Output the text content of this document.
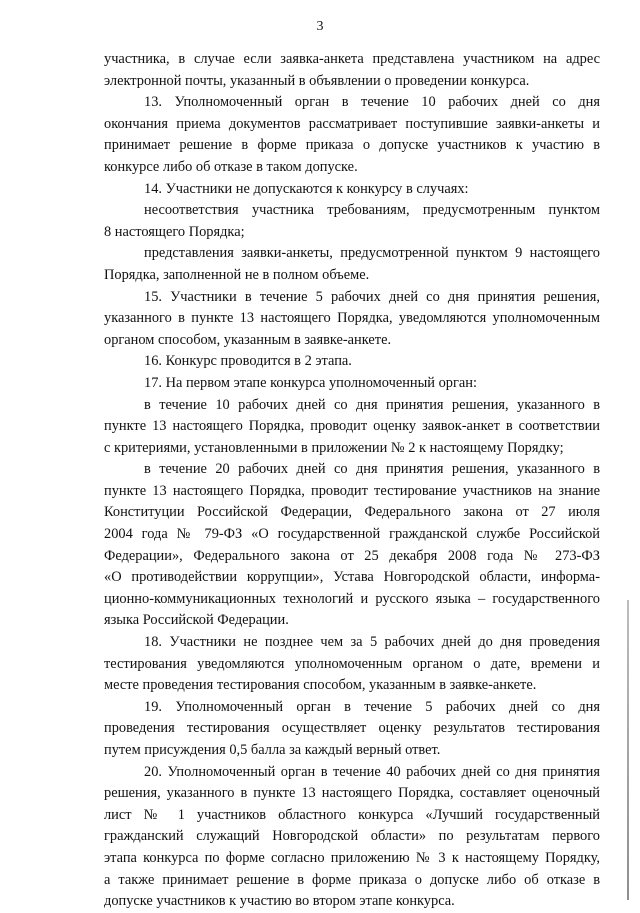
3
участника, в случае если заявка-анкета представлена участником на адрес
электронной почты, указанный в объявлении о проведении конкурса.
13. Уполномоченный орган в течение 10 рабочих дней со дня
окончания приема документов рассматривает поступившие заявки-анкеты и
принимает решение в форме приказа о допуске участников к участию в
конкурсе либо об отказе в таком допуске.
14. Участники не допускаются к конкурсу в случаях:
несоответствия участника требованиям, предусмотренным пунктом
8 настоящего Порядка;
представления заявки-анкеты, предусмотренной пунктом 9 настоящего
Порядка, заполненной не в полном объеме.
15. Участники в течение 5 рабочих дней со дня принятия решения,
указанного в пункте 13 настоящего Порядка, уведомляются уполномоченным
органом способом, указанным в заявке-анкете.
16. Конкурс проводится в 2 этапа.
17. На первом этапе конкурса уполномоченный орган:
в течение 10 рабочих дней со дня принятия решения, указанного в
пункте 13 настоящего Порядка, проводит оценку заявок-анкет в соответствии
с критериями, установленными в приложении № 2 к настоящему Порядку;
в течение 20 рабочих дней со дня принятия решения, указанного в
пункте 13 настоящего Порядка, проводит тестирование участников на знание
Конституции Российской Федерации, Федерального закона от 27 июля
2004 года № 79-ФЗ «О государственной гражданской службе Российской
Федерации», Федерального закона от 25 декабря 2008 года № 273-ФЗ
«О противодействии коррупции», Устава Новгородской области, информа-
ционно-коммуникационных технологий и русского языка – государственного
языка Российской Федерации.
18. Участники не позднее чем за 5 рабочих дней до дня проведения
тестирования уведомляются уполномоченным органом о дате, времени и
месте проведения тестирования способом, указанным в заявке-анкете.
19. Уполномоченный орган в течение 5 рабочих дней со дня
проведения тестирования осуществляет оценку результатов тестирования
путем присуждения 0,5 балла за каждый верный ответ.
20. Уполномоченный орган в течение 40 рабочих дней со дня принятия
решения, указанного в пункте 13 настоящего Порядка, составляет оценочный
лист № 1 участников областного конкурса «Лучший государственный
гражданский служащий Новгородской области» по результатам первого
этапа конкурса по форме согласно приложению № 3 к настоящему Порядку,
а также принимает решение в форме приказа о допуске либо об отказе в
допуске участников к участию во втором этапе конкурса.
